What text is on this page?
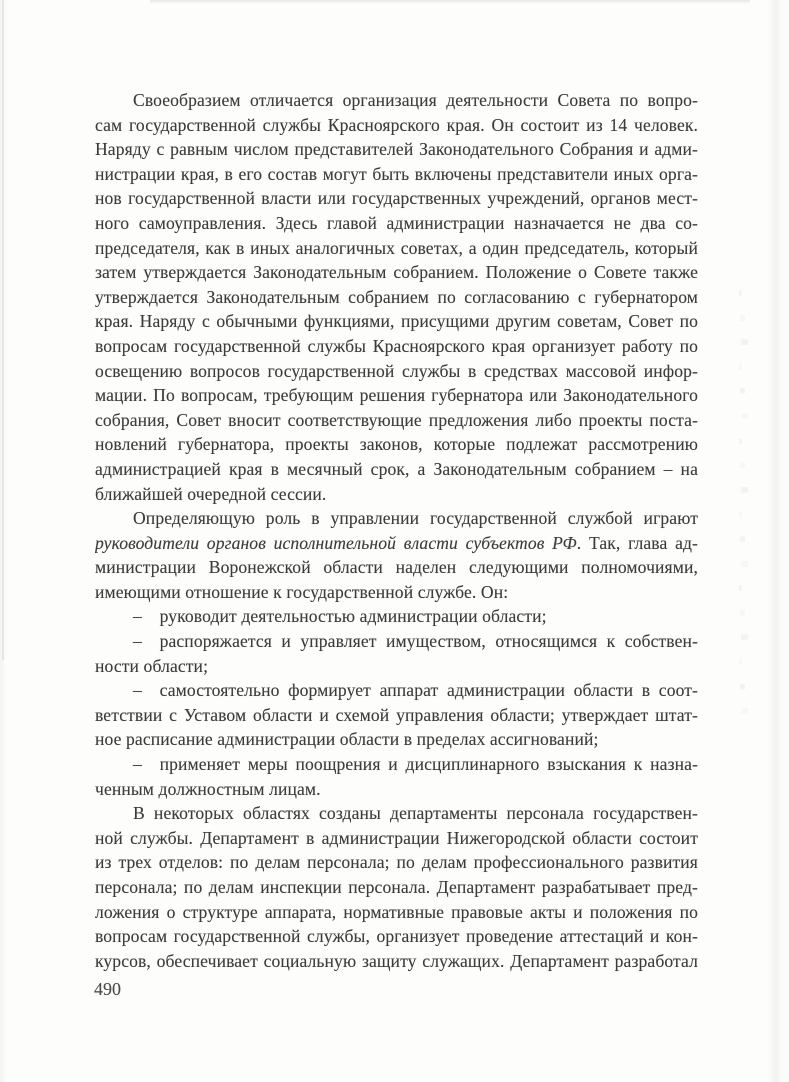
Своеобразием отличается организация деятельности Совета по вопро-
сам государственной службы Красноярского края. Он состоит из 14 человек.
Наряду с равным числом представителей Законодательного Собрания и адми-
нистрации края, в его состав могут быть включены представители иных орга-
нов государственной власти или государственных учреждений, органов мест-
ного самоуправления. Здесь главой администрации назначается не два со-
председателя, как в иных аналогичных советах, а один председатель, который
затем утверждается Законодательным собранием. Положение о Совете также
утверждается Законодательным собранием по согласованию с губернатором
края. Наряду с обычными функциями, присущими другим советам, Совет по
вопросам государственной службы Красноярского края организует работу по
освещению вопросов государственной службы в средствах массовой инфор-
мации. По вопросам, требующим решения губернатора или Законодательного
собрания, Совет вносит соответствующие предложения либо проекты поста-
новлений губернатора, проекты законов, которые подлежат рассмотрению
администрацией края в месячный срок, а Законодательным собранием – на
ближайшей очередной сессии.
Определяющую роль в управлении государственной службой играют
руководители органов исполнительной власти субъектов РФ. Так, глава ад-
министрации Воронежской области наделен следующими полномочиями,
имеющими отношение к государственной службе. Он:
– руководит деятельностью администрации области;
– распоряжается и управляет имуществом, относящимся к собствен-
ности области;
– самостоятельно формирует аппарат администрации области в соот-
ветствии с Уставом области и схемой управления области; утверждает штат-
ное расписание администрации области в пределах ассигнований;
– применяет меры поощрения и дисциплинарного взыскания к назна-
ченным должностным лицам.
В некоторых областях созданы департаменты персонала государствен-
ной службы. Департамент в администрации Нижегородской области состоит
из трех отделов: по делам персонала; по делам профессионального развития
персонала; по делам инспекции персонала. Департамент разрабатывает пред-
ложения о структуре аппарата, нормативные правовые акты и положения по
вопросам государственной службы, организует проведение аттестаций и кон-
курсов, обеспечивает социальную защиту служащих. Департамент разработал
490
